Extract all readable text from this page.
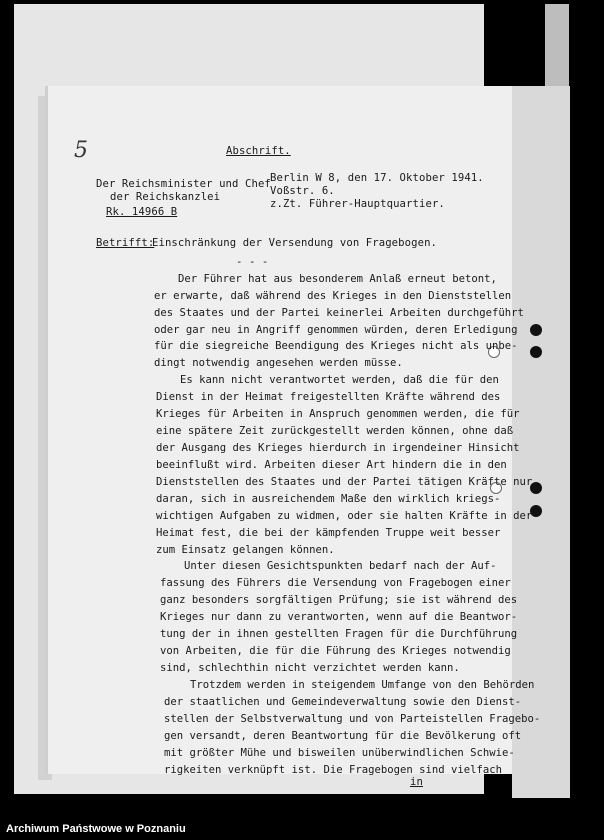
5	Abschrift.
Der Reichsminister und Chef
der Reichskanzlei
Rk. 14966 B
Berlin W 8, den 17. Oktober 1941.
Voßstr. 6.
z.Zt. Führer-Hauptquartier.
Betrifft:
Einschränkung der Versendung von Fragebogen.
- - -
Der Führer hat aus besonderem Anlaß erneut betont,
er erwarte, daß während des Krieges in den Dienststellen
des Staates und der Partei keinerlei Arbeiten durchgeführt
oder gar neu in Angriff genommen würden, deren Erledigung
für die siegreiche Beendigung des Krieges nicht als unbe-
dingt notwendig angesehen werden müsse.
Es kann nicht verantwortet werden, daß die für den
Dienst in der Heimat freigestellten Kräfte während des
Krieges für Arbeiten in Anspruch genommen werden, die für
eine spätere Zeit zurückgestellt werden können, ohne daß
der Ausgang des Krieges hierdurch in irgendeiner Hinsicht
beeinflußt wird. Arbeiten dieser Art hindern die in den
Dienststellen des Staates und der Partei tätigen Kräfte nur
daran, sich in ausreichendem Maße den wirklich kriegs-
wichtigen Aufgaben zu widmen, oder sie halten Kräfte in der
Heimat fest, die bei der kämpfenden Truppe weit besser
zum Einsatz gelangen können.
Unter diesen Gesichtspunkten bedarf nach der Auf-
fassung des Führers die Versendung von Fragebogen einer
ganz besonders sorgfältigen Prüfung; sie ist während des
Krieges nur dann zu verantworten, wenn auf die Beantwor-
tung der in ihnen gestellten Fragen für die Durchführung
von Arbeiten, die für die Führung des Krieges notwendig
sind, schlechthin nicht verzichtet werden kann.
Trotzdem werden in steigendem Umfange von den Behörden
der staatlichen und Gemeindeverwaltung sowie den Dienst-
stellen der Selbstverwaltung und von Parteistellen Fragebo-
gen versandt, deren Beantwortung für die Bevölkerung oft
mit größter Mühe und bisweilen unüberwindlichen Schwie-
rigkeiten verknüpft ist. Die Fragebogen sind vielfach
in
Archiwum Państwowe w Poznaniu
